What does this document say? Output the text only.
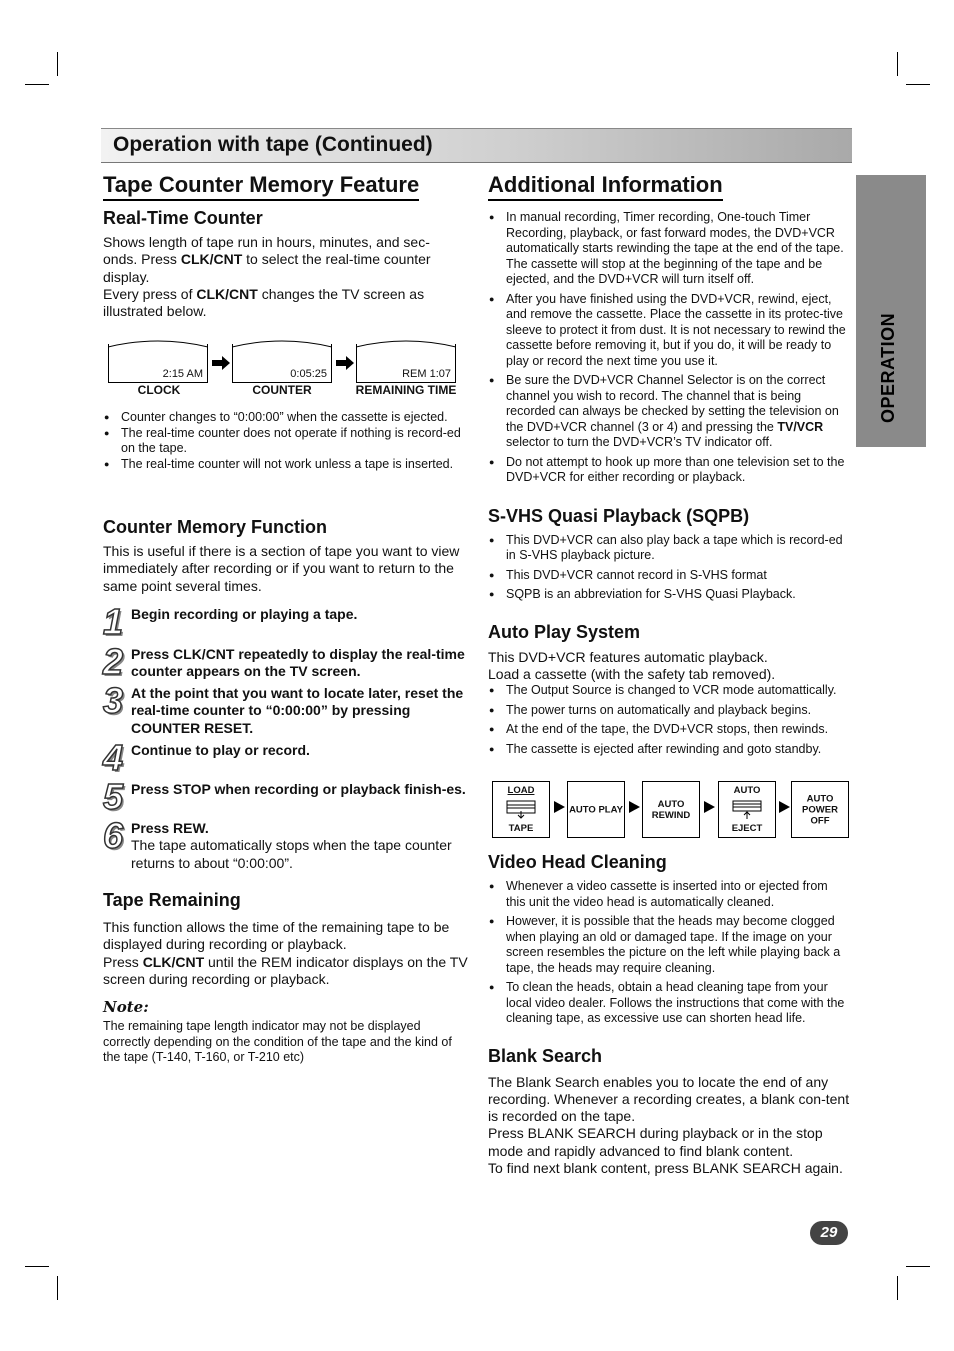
Operation with tape (Continued)
OPERATION
Tape Counter Memory Feature
Real-Time Counter

Shows length of tape run in hours, minutes, and sec-
onds. Press CLK/CNT to select the real-time counter
display.
Every press of CLK/CNT changes the TV screen as
illustrated below.

2:15 AM	0:05:25	REM 1:07
CLOCK	COUNTER	REMAINING TIME
● Counter changes to “0:00:00” when the cassette is ejected.
● The real-time counter does not operate if nothing is record-ed on the tape.
● The real-time counter will not work unless a tape is inserted.
Counter Memory Function

This is useful if there is a section of tape you want to view immediately after recording or if you want to return to the same point several times.

1 Begin recording or playing a tape.
2 Press CLK/CNT repeatedly to display the real-time counter appears on the TV screen.
3 At the point that you want to locate later, reset the real-time counter to “0:00:00” by pressing COUNTER RESET.
4 Continue to play or record.
5 Press STOP when recording or playback finish-es.
6 Press REW.
The tape automatically stops when the tape counter returns to about “0:00:00”.
Tape Remaining

This function allows the time of the remaining tape to be displayed during recording or playback.

Press CLK/CNT until the REM indicator displays on the TV screen during recording or playback.

Note:

The remaining tape length indicator may not be displayed correctly depending on the condition of the tape and the kind of the tape (T-140, T-160, or T-210 etc)

Additional Information
● In manual recording, Timer recording, One-touch Timer Recording, playback, or fast forward modes, the DVD+VCR automatically starts rewinding the tape at the end of the tape. The cassette will stop at the beginning of the tape and be ejected, and the DVD+VCR will turn itself off.
● After you have finished using the DVD+VCR, rewind, eject, and remove the cassette. Place the cassette in its protec-tive sleeve to protect it from dust. It is not necessary to rewind the cassette before removing it, but if you do, it will be ready to play or record the next time you use it.
● Be sure the DVD+VCR Channel Selector is on the correct channel you wish to record. The channel that is being recorded can always be checked by setting the television on the DVD+VCR channel (3 or 4) and pressing the TV/VCR selector to turn the DVD+VCR’s TV indicator off.
● Do not attempt to hook up more than one television set to the DVD+VCR for either recording or playback.
S-VHS Quasi Playback (SQPB)
● This DVD+VCR can also play back a tape which is record-ed in S-VHS playback picture.
● This DVD+VCR cannot record in S-VHS format
● SQPB is an abbreviation for S-VHS Quasi Playback.
Auto Play System

This DVD+VCR features automatic playback.

Load a cassette (with the safety tab removed).

● The Output Source is changed to VCR mode automattically.
● The power turns on automatically and playback begins.
● At the end of the tape, the DVD+VCR stops, then rewinds.
● The cassette is ejected after rewinding and goto standby.
LOAD
TAPE
AUTO PLAY	AUTO REWIND
AUTO
EJECT
AUTO POWER OFF
Video Head Cleaning
● Whenever a video cassette is inserted into or ejected from this unit the video head is automatically cleaned.
● However, it is possible that the heads may become clogged when playing an old or damaged tape. If the image on your screen resembles the picture on the left while playing back a tape, the heads may require cleaning.
● To clean the heads, obtain a head cleaning tape from your local video dealer. Follows the instructions that come with the cleaning tape, as excessive use can shorten head life.
Blank Search

The Blank Search enables you to locate the end of any recording. Whenever a recording creates, a blank con-tent is recorded on the tape.

Press BLANK SEARCH during playback or in the stop mode and rapidly advanced to find blank content.

To find next blank content, press BLANK SEARCH again.

29
